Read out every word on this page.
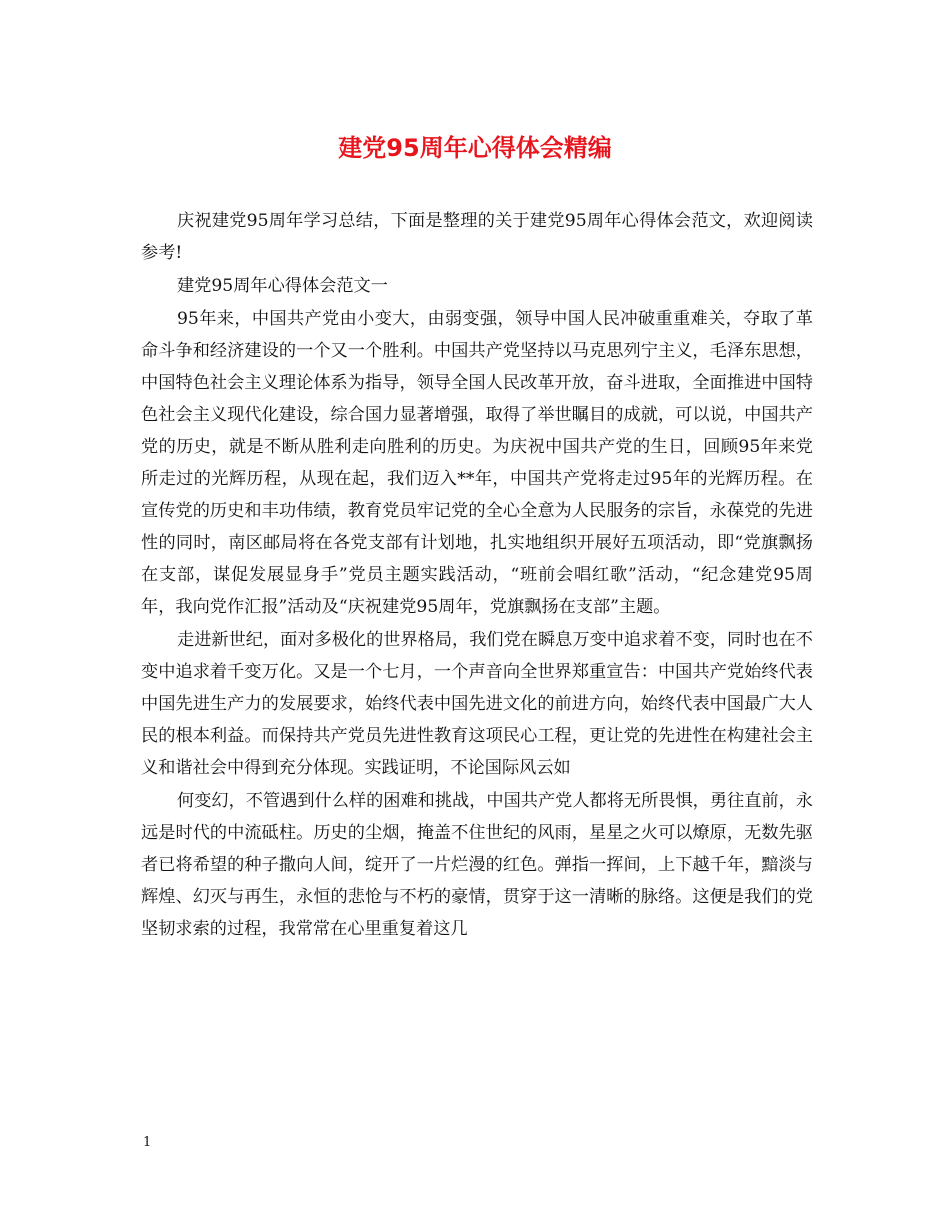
建党95周年心得体会精编

庆祝建党95周年学习总结，下面是整理的关于建党95周年心得体会范文，欢迎阅读参考!

建党95周年心得体会范文一

95年来，中国共产党由小变大，由弱变强，领导中国人民冲破重重难关，夺取了革命斗争和经济建设的一个又一个胜利。中国共产党坚持以马克思列宁主义，毛泽东思想，中国特色社会主义理论体系为指导，领导全国人民改革开放，奋斗进取，全面推进中国特色社会主义现代化建设，综合国力显著增强，取得了举世瞩目的成就，可以说，中国共产党的历史，就是不断从胜利走向胜利的历史。为庆祝中国共产党的生日，回顾95年来党所走过的光辉历程，从现在起，我们迈入**年，中国共产党将走过95年的光辉历程。在宣传党的历史和丰功伟绩，教育党员牢记党的全心全意为人民服务的宗旨，永葆党的先进性的同时，南区邮局将在各党支部有计划地，扎实地组织开展好五项活动，即“党旗飘扬在支部，谋促发展显身手”党员主题实践活动，“班前会唱红歌”活动，“纪念建党95周年，我向党作汇报”活动及“庆祝建党95周年，党旗飘扬在支部”主题。

走进新世纪，面对多极化的世界格局，我们党在瞬息万变中追求着不变，同时也在不变中追求着千变万化。又是一个七月，一个声音向全世界郑重宣告：中国共产党始终代表中国先进生产力的发展要求，始终代表中国先进文化的前进方向，始终代表中国最广大人民的根本利益。而保持共产党员先进性教育这项民心工程，更让党的先进性在构建社会主义和谐社会中得到充分体现。实践证明，不论国际风云如

何变幻，不管遇到什么样的困难和挑战，中国共产党人都将无所畏惧，勇往直前，永远是时代的中流砥柱。历史的尘烟，掩盖不住世纪的风雨，星星之火可以燎原，无数先驱者已将希望的种子撒向人间，绽开了一片烂漫的红色。弹指一挥间，上下越千年，黯淡与辉煌、幻灭与再生，永恒的悲怆与不朽的豪情，贯穿于这一清晰的脉络。这便是我们的党坚韧求索的过程，我常常在心里重复着这几

1
